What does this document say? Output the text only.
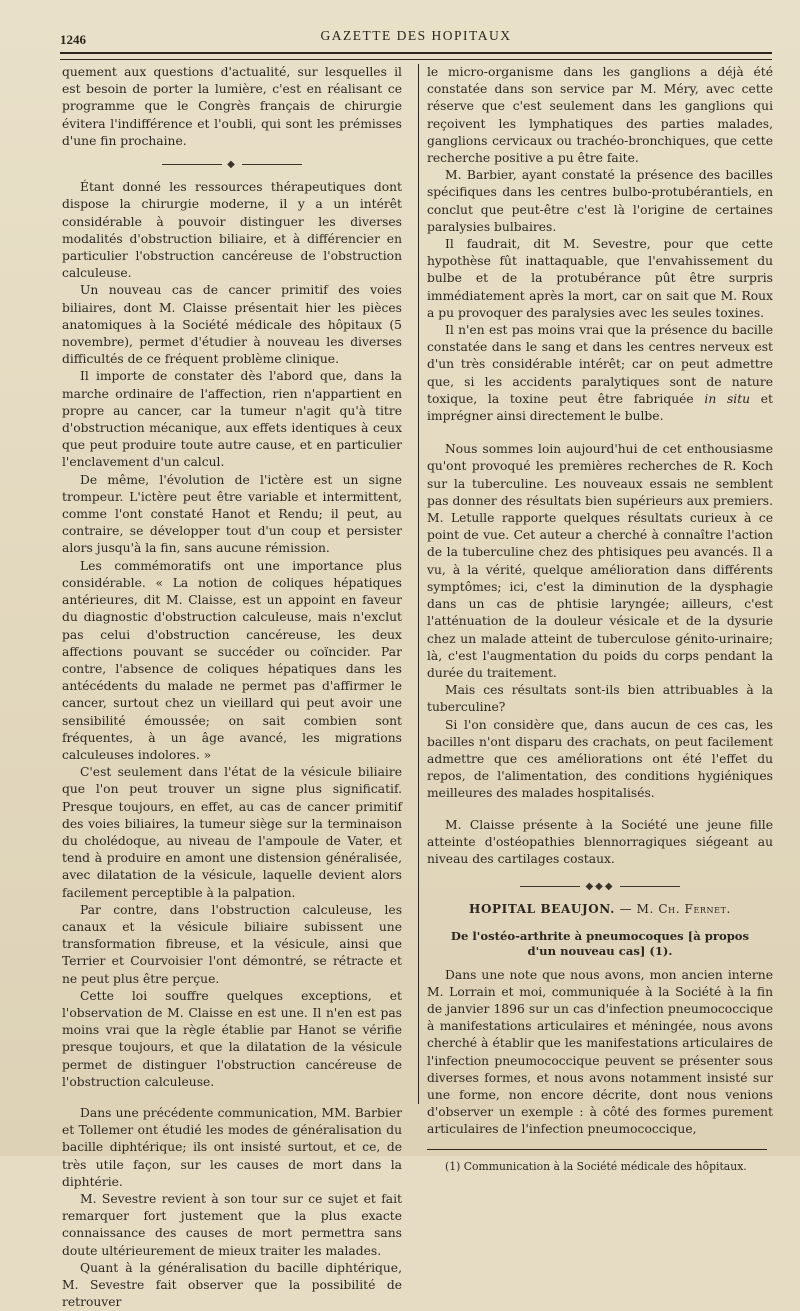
1246	GAZETTE DES HOPITAUX

quement aux questions d'actualité, sur lesquelles il est besoin de porter la lumière, c'est en réalisant ce programme que le Congrès français de chirurgie évitera l'indifférence et l'oubli, qui sont les prémisses d'une fin prochaine.

◆

Étant donné les ressources thérapeutiques dont dispose la chirurgie moderne, il y a un intérêt considérable à pouvoir distinguer les diverses modalités d'obstruction biliaire, et à différencier en particulier l'obstruction cancéreuse de l'obstruction calculeuse.

Un nouveau cas de cancer primitif des voies biliaires, dont M. Claisse présentait hier les pièces anatomiques à la Société médicale des hôpitaux (5 novembre), permet d'étudier à nouveau les diverses difficultés de ce fréquent problème clinique.

Il importe de constater dès l'abord que, dans la marche ordinaire de l'affection, rien n'appartient en propre au cancer, car la tumeur n'agit qu'à titre d'obstruction mécanique, aux effets identiques à ceux que peut produire toute autre cause, et en particulier l'enclavement d'un calcul.

De même, l'évolution de l'ictère est un signe trompeur. L'ictère peut être variable et intermittent, comme l'ont constaté Hanot et Rendu; il peut, au contraire, se développer tout d'un coup et persister alors jusqu'à la fin, sans aucune rémission.

Les commémoratifs ont une importance plus considérable. « La notion de coliques hépatiques antérieures, dit M. Claisse, est un appoint en faveur du diagnostic d'obstruction calculeuse, mais n'exclut pas celui d'obstruction cancéreuse, les deux affections pouvant se succéder ou coïncider. Par contre, l'absence de coliques hépatiques dans les antécédents du malade ne permet pas d'affirmer le cancer, surtout chez un vieillard qui peut avoir une sensibilité émoussée; on sait combien sont fréquentes, à un âge avancé, les migrations calculeuses indolores. »

C'est seulement dans l'état de la vésicule biliaire que l'on peut trouver un signe plus significatif. Presque toujours, en effet, au cas de cancer primitif des voies biliaires, la tumeur siège sur la terminaison du cholédoque, au niveau de l'ampoule de Vater, et tend à produire en amont une distension généralisée, avec dilatation de la vésicule, laquelle devient alors facilement perceptible à la palpation.

Par contre, dans l'obstruction calculeuse, les canaux et la vésicule biliaire subissent une transformation fibreuse, et la vésicule, ainsi que Terrier et Courvoisier l'ont démontré, se rétracte et ne peut plus être perçue.

Cette loi souffre quelques exceptions, et l'observation de M. Claisse en est une. Il n'en est pas moins vrai que la règle établie par Hanot se vérifie presque toujours, et que la dilatation de la vésicule permet de distinguer l'obstruction cancéreuse de l'obstruction calculeuse.

Dans une précédente communication, MM. Barbier et Tollemer ont étudié les modes de généralisation du bacille diphtérique; ils ont insisté surtout, et ce, de très utile façon, sur les causes de mort dans la diphtérie.

M. Sevestre revient à son tour sur ce sujet et fait remarquer fort justement que la plus exacte connaissance des causes de mort permettra sans doute ultérieurement de mieux traiter les malades.

Quant à la généralisation du bacille diphtérique, M. Sevestre fait observer que la possibilité de retrouver

le micro-organisme dans les ganglions a déjà été constatée dans son service par M. Méry, avec cette réserve que c'est seulement dans les ganglions qui reçoivent les lymphatiques des parties malades, ganglions cervicaux ou trachéo-bronchiques, que cette recherche positive a pu être faite.

M. Barbier, ayant constaté la présence des bacilles spécifiques dans les centres bulbo-protubérantiels, en conclut que peut-être c'est là l'origine de certaines paralysies bulbaires.

Il faudrait, dit M. Sevestre, pour que cette hypothèse fût inattaquable, que l'envahissement du bulbe et de la protubérance pût être surpris immédiatement après la mort, car on sait que M. Roux a pu provoquer des paralysies avec les seules toxines.

Il n'en est pas moins vrai que la présence du bacille constatée dans le sang et dans les centres nerveux est d'un très considérable intérêt; car on peut admettre que, si les accidents paralytiques sont de nature toxique, la toxine peut être fabriquée in situ et imprégner ainsi directement le bulbe.

Nous sommes loin aujourd'hui de cet enthousiasme qu'ont provoqué les premières recherches de R. Koch sur la tuberculine. Les nouveaux essais ne semblent pas donner des résultats bien supérieurs aux premiers. M. Letulle rapporte quelques résultats curieux à ce point de vue. Cet auteur a cherché à connaître l'action de la tuberculine chez des phtisiques peu avancés. Il a vu, à la vérité, quelque amélioration dans différents symptômes; ici, c'est la diminution de la dysphagie dans un cas de phtisie laryngée; ailleurs, c'est l'atténuation de la douleur vésicale et de la dysurie chez un malade atteint de tuberculose génito-urinaire; là, c'est l'augmentation du poids du corps pendant la durée du traitement.

Mais ces résultats sont-ils bien attribuables à la tuberculine?

Si l'on considère que, dans aucun de ces cas, les bacilles n'ont disparu des crachats, on peut facilement admettre que ces améliorations ont été l'effet du repos, de l'alimentation, des conditions hygiéniques meilleures des malades hospitalisés.

M. Claisse présente à la Société une jeune fille atteinte d'ostéopathies blennorragiques siégeant au niveau des cartilages costaux.

◆◆◆
HOPITAL BEAUJON. — M. Ch. Fernet.
De l'ostéo-arthrite à pneumocoques [à propos d'un nouveau cas] (1).

Dans une note que nous avons, mon ancien interne M. Lorrain et moi, communiquée à la Société à la fin de janvier 1896 sur un cas d'infection pneumococcique à manifestations articulaires et méningée, nous avons cherché à établir que les manifestations articulaires de l'infection pneumococcique peuvent se présenter sous diverses formes, et nous avons notamment insisté sur une forme, non encore décrite, dont nous venions d'observer un exemple : à côté des formes purement articulaires de l'infection pneumococcique,

(1) Communication à la Société médicale des hôpitaux.
